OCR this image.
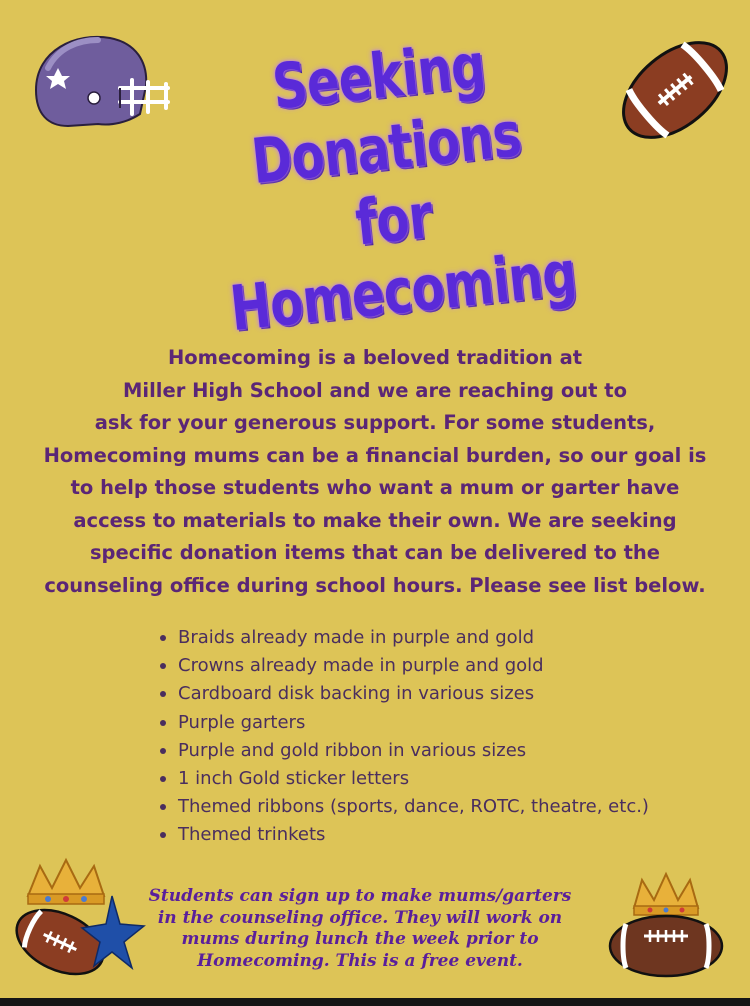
Seeking
Donations for
Homecoming
Homecoming is a beloved tradition at
Miller High School and we are reaching out to
ask for your generous support. For some students,
Homecoming mums can be a financial burden, so our goal is
to help those students who want a mum or garter have
access to materials to make their own. We are seeking
specific donation items that can be delivered to the
counseling office during school hours. Please see list below.
Braids already made in purple and gold
Crowns already made in purple and gold
Cardboard disk backing in various sizes
Purple garters
Purple and gold ribbon in various sizes
1 inch Gold sticker letters
Themed ribbons (sports, dance, ROTC, theatre, etc.)
Themed trinkets
Students can sign up to make mums/garters
in the counseling office. They will work on
mums during lunch the week prior to
Homecoming. This is a free event.
